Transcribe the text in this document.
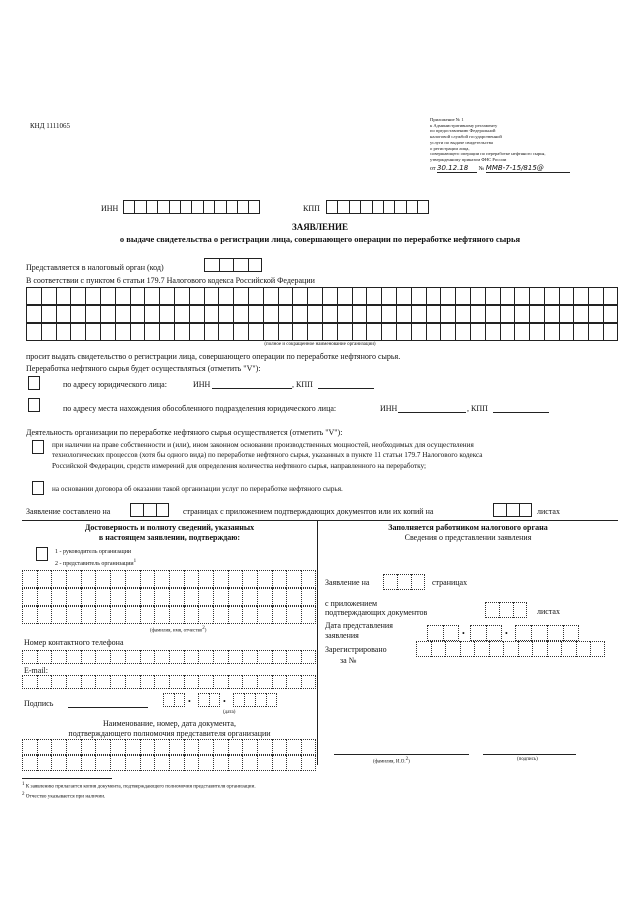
КНД 1111065
Приложение № 1
к Административному регламенту
по предоставлению Федеральной
налоговой службой государственной
услуги по выдаче свидетельства
о регистрации лица,
совершающего операции по переработке нефтяного сырья,
утвержденному приказом ФНС России
от 30.12.18 № ММВ-7-15/815@
ИНН	КПП
ЗАЯВЛЕНИЕ
о выдаче свидетельства о регистрации лица, совершающего операции по переработке нефтяного сырья
Представляется в налоговый орган (код)
В соответствии с пунктом 6 статьи 179.7 Налогового кодекса Российской Федерации
(полное и сокращенное наименование организации)
просит выдать свидетельство о регистрации лица, совершающего операции по переработке нефтяного сырья.
Переработка нефтяного сырья будет осуществляться (отметить "V"):
по адресу юридического лица:	ИНН	, КПП
по адресу места нахождения обособленного подразделения юридического лица:	ИНН	, КПП
Деятельность организации по переработке нефтяного сырья осуществляется (отметить "V"):
при наличии на праве собственности и (или), ином законном основании производственных мощностей, необходимых для осуществления
технологических процессов (хотя бы одного вида) по переработке нефтяного сырья, указанных в пункте 11 статьи 179.7 Налогового кодекса
Российской Федерации, средств измерений для определения количества нефтяного сырья, направленного на переработку;
на основании договора об оказании такой организации услуг по переработке нефтяного сырья.
Заявление составлено на	страницах с приложением подтверждающих документов или их копий на	листах
Достоверность и полноту сведений, указанных
в настоящем заявлении, подтверждаю:
1 - руководитель организации
2 - представитель организации$^1$
(фамилия, имя, отчество2)
Номер контактного телефона
E-mail:
Подпись	•	•
(дата)
Наименование, номер, дата документа,
подтверждающего полномочия представителя организации
Заполняется работником налогового органа
Сведения о представлении заявления
Заявление на	страницах
с приложением
подтверждающих документов	листах
Дата представления
заявления	•	•
Зарегистрировано
за №
(фамилия, И.О.2)
(подпись)
1 К заявлению прилагается копия документа, подтверждающего полномочия представителя организации.
2 Отчество указывается при наличии.
